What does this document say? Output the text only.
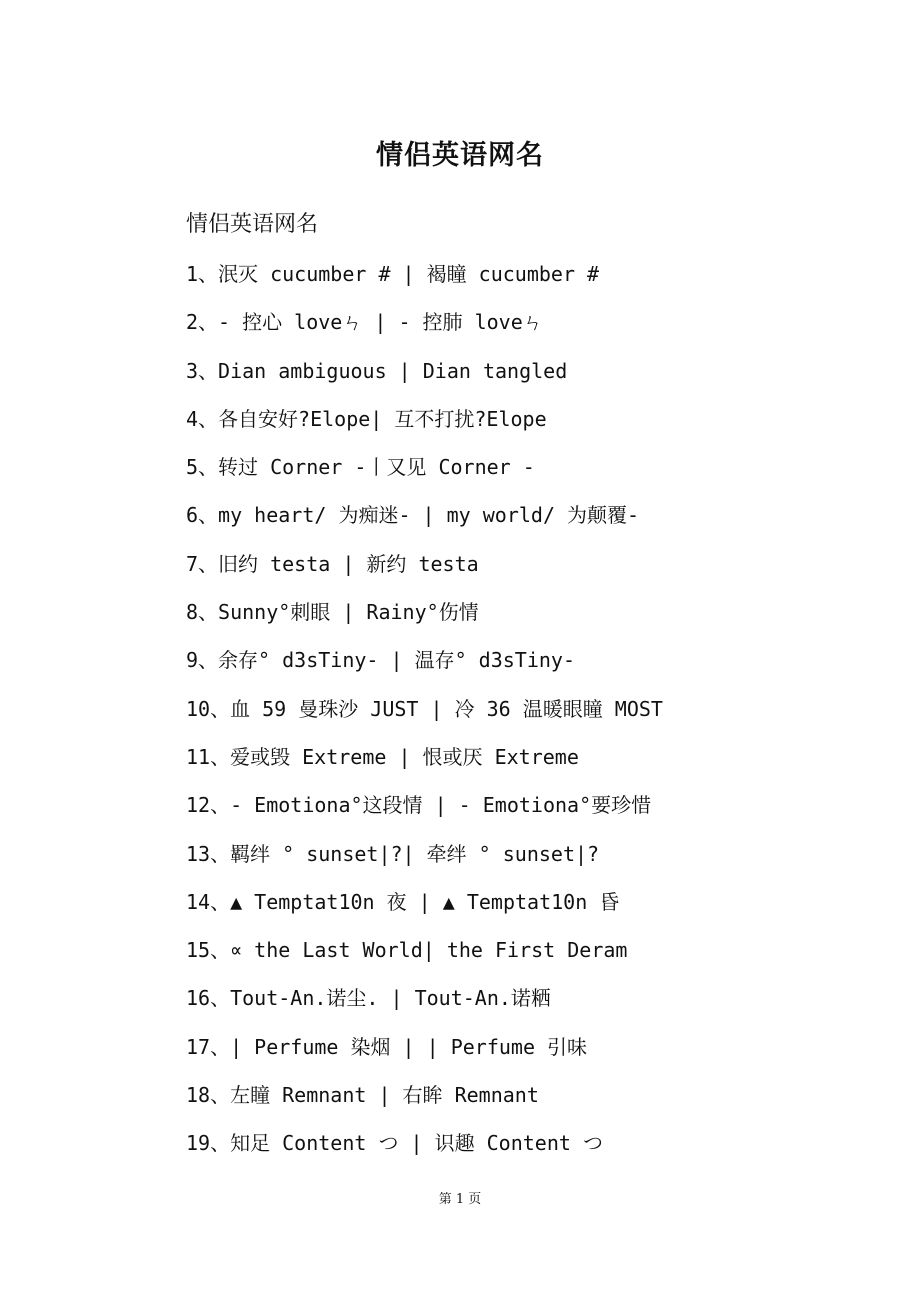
情侣英语网名
情侣英语网名
1、泯灭 cucumber # | 褐瞳 cucumber #
2、- 控心 loveㄣ | - 控肺 loveㄣ
3、Dian ambiguous | Dian tangled
4、各自安好?Elope| 互不打扰?Elope
5、转过 Corner -丨又见 Corner -
6、my heart/ 为痴迷- | my world/ 为颠覆-
7、旧约 testa | 新约 testa
8、Sunny°刺眼 | Rainy°伤情
9、余存° d3sTiny- | 温存° d3sTiny-
10、血 59 曼珠沙 JUST | 冷 36 温暖眼瞳 MOST
11、爱或毁 Extreme | 恨或厌 Extreme
12、- Emotiona°这段情 | - Emotiona°要珍惜
13、羁绊 ° sunset|?| 牵绊 ° sunset|?
14、▲ Temptat10n 夜 | ▲ Temptat10n 昏
15、∝ the Last World| the First Deram
16、Tout-An.诺尘. | Tout-An.诺粞
17、| Perfume 染烟 | | Perfume 引味
18、左瞳 Remnant | 右眸 Remnant
19、知足 Content つ | 识趣 Content つ
第 1 页
